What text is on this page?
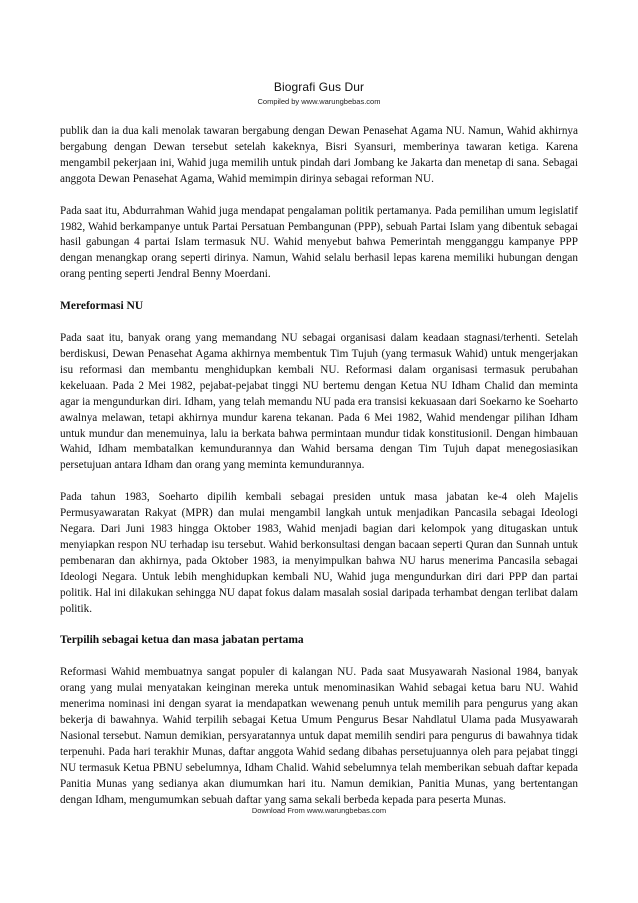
Biografi Gus Dur
Compiled by www.warungbebas.com

publik dan ia dua kali menolak tawaran bergabung dengan Dewan Penasehat Agama NU. Namun, Wahid akhirnya bergabung dengan Dewan tersebut setelah kakeknya, Bisri Syansuri, memberinya tawaran ketiga. Karena mengambil pekerjaan ini, Wahid juga memilih untuk pindah dari Jombang ke Jakarta dan menetap di sana. Sebagai anggota Dewan Penasehat Agama, Wahid memimpin dirinya sebagai reforman NU.

Pada saat itu, Abdurrahman Wahid juga mendapat pengalaman politik pertamanya. Pada pemilihan umum legislatif 1982, Wahid berkampanye untuk Partai Persatuan Pembangunan (PPP), sebuah Partai Islam yang dibentuk sebagai hasil gabungan 4 partai Islam termasuk NU. Wahid menyebut bahwa Pemerintah mengganggu kampanye PPP dengan menangkap orang seperti dirinya. Namun, Wahid selalu berhasil lepas karena memiliki hubungan dengan orang penting seperti Jendral Benny Moerdani.

Mereformasi NU

Pada saat itu, banyak orang yang memandang NU sebagai organisasi dalam keadaan stagnasi/terhenti. Setelah berdiskusi, Dewan Penasehat Agama akhirnya membentuk Tim Tujuh (yang termasuk Wahid) untuk mengerjakan isu reformasi dan membantu menghidupkan kembali NU. Reformasi dalam organisasi termasuk perubahan kekeluaan. Pada 2 Mei 1982, pejabat-pejabat tinggi NU bertemu dengan Ketua NU Idham Chalid dan meminta agar ia mengundurkan diri. Idham, yang telah memandu NU pada era transisi kekuasaan dari Soekarno ke Soeharto awalnya melawan, tetapi akhirnya mundur karena tekanan. Pada 6 Mei 1982, Wahid mendengar pilihan Idham untuk mundur dan menemuinya, lalu ia berkata bahwa permintaan mundur tidak konstitusionil. Dengan himbauan Wahid, Idham membatalkan kemundurannya dan Wahid bersama dengan Tim Tujuh dapat menegosiasikan persetujuan antara Idham dan orang yang meminta kemundurannya.

Pada tahun 1983, Soeharto dipilih kembali sebagai presiden untuk masa jabatan ke-4 oleh Majelis Permusyawaratan Rakyat (MPR) dan mulai mengambil langkah untuk menjadikan Pancasila sebagai Ideologi Negara. Dari Juni 1983 hingga Oktober 1983, Wahid menjadi bagian dari kelompok yang ditugaskan untuk menyiapkan respon NU terhadap isu tersebut. Wahid berkonsultasi dengan bacaan seperti Quran dan Sunnah untuk pembenaran dan akhirnya, pada Oktober 1983, ia menyimpulkan bahwa NU harus menerima Pancasila sebagai Ideologi Negara. Untuk lebih menghidupkan kembali NU, Wahid juga mengundurkan diri dari PPP dan partai politik. Hal ini dilakukan sehingga NU dapat fokus dalam masalah sosial daripada terhambat dengan terlibat dalam politik.

Terpilih sebagai ketua dan masa jabatan pertama

Reformasi Wahid membuatnya sangat populer di kalangan NU. Pada saat Musyawarah Nasional 1984, banyak orang yang mulai menyatakan keinginan mereka untuk menominasikan Wahid sebagai ketua baru NU. Wahid menerima nominasi ini dengan syarat ia mendapatkan wewenang penuh untuk memilih para pengurus yang akan bekerja di bawahnya. Wahid terpilih sebagai Ketua Umum Pengurus Besar Nahdlatul Ulama pada Musyawarah Nasional tersebut. Namun demikian, persyaratannya untuk dapat memilih sendiri para pengurus di bawahnya tidak terpenuhi. Pada hari terakhir Munas, daftar anggota Wahid sedang dibahas persetujuannya oleh para pejabat tinggi NU termasuk Ketua PBNU sebelumnya, Idham Chalid. Wahid sebelumnya telah memberikan sebuah daftar kepada Panitia Munas yang sedianya akan diumumkan hari itu. Namun demikian, Panitia Munas, yang bertentangan dengan Idham, mengumumkan sebuah daftar yang sama sekali berbeda kepada para peserta Munas.

Download From www.warungbebas.com
